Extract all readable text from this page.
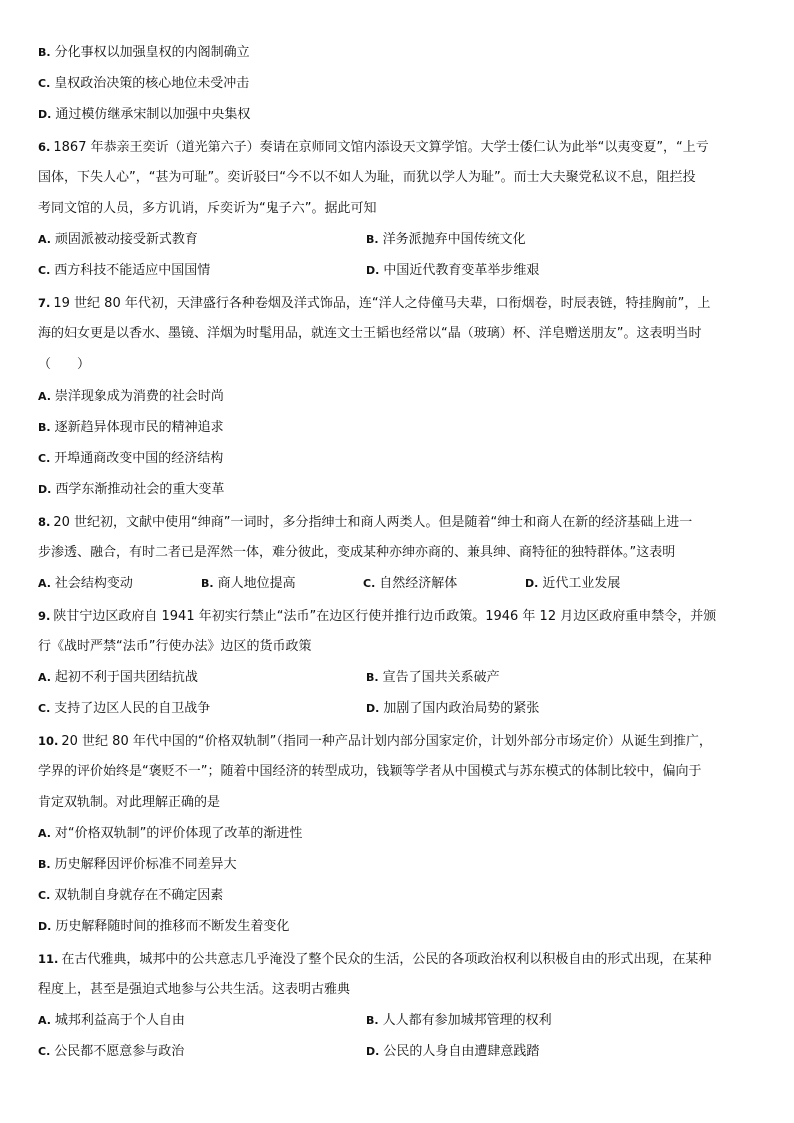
B. 分化事权以加强皇权的内阁制确立
C. 皇权政治决策的核心地位未受冲击
D. 通过模仿继承宋制以加强中央集权
6. 1867 年恭亲王奕䜣（道光第六子）奏请在京师同文馆内添设天文算学馆。大学士倭仁认为此举“以夷变夏”，“上亏
国体，下失人心”，“甚为可耻”。奕䜣驳曰“今不以不如人为耻，而犹以学人为耻”。而士大夫聚党私议不息，阻拦投
考同文馆的人员，多方讥诮，斥奕䜣为“鬼子六”。据此可知
A. 顽固派被动接受新式教育	B. 洋务派抛弃中国传统文化
C. 西方科技不能适应中国国情	D. 中国近代教育变革举步维艰
7. 19 世纪 80 年代初，天津盛行各种卷烟及洋式饰品，连“洋人之侍僮马夫辈，口衔烟卷，时辰表链，特挂胸前”，上
海的妇女更是以香水、墨镜、洋烟为时髦用品，就连文士王韬也经常以“晶（玻璃）杯、洋皂赠送朋友”。这表明当时
（　　）
A. 崇洋现象成为消费的社会时尚
B. 逐新趋异体现市民的精神追求
C. 开埠通商改变中国的经济结构
D. 西学东渐推动社会的重大变革
8. 20 世纪初，文献中使用“绅商”一词时，多分指绅士和商人两类人。但是随着“绅士和商人在新的经济基础上进一
步渗透、融合，有时二者已是浑然一体，难分彼此，变成某种亦绅亦商的、兼具绅、商特征的独特群体。”这表明
A. 社会结构变动	B. 商人地位提高	C. 自然经济解体	D. 近代工业发展
9. 陕甘宁边区政府自 1941 年初实行禁止“法币”在边区行使并推行边币政策。1946 年 12 月边区政府重申禁令，并颁
行《战时严禁“法币”行使办法》边区的货币政策
A. 起初不利于国共团结抗战	B. 宣告了国共关系破产
C. 支持了边区人民的自卫战争	D. 加剧了国内政治局势的紧张
10. 20 世纪 80 年代中国的“价格双轨制”（指同一种产品计划内部分国家定价，计划外部分市场定价）从诞生到推广，
学界的评价始终是“褒贬不一”；随着中国经济的转型成功，钱颖等学者从中国模式与苏东模式的体制比较中，偏向于
肯定双轨制。对此理解正确的是
A. 对“价格双轨制”的评价体现了改革的渐进性
B. 历史解释因评价标准不同差异大
C. 双轨制自身就存在不确定因素
D. 历史解释随时间的推移而不断发生着变化
11. 在古代雅典，城邦中的公共意志几乎淹没了整个民众的生活，公民的各项政治权利以积极自由的形式出现，在某种
程度上，甚至是强迫式地参与公共生活。这表明古雅典
A. 城邦利益高于个人自由	B. 人人都有参加城邦管理的权利
C. 公民都不愿意参与政治	D. 公民的人身自由遭肆意践踏
